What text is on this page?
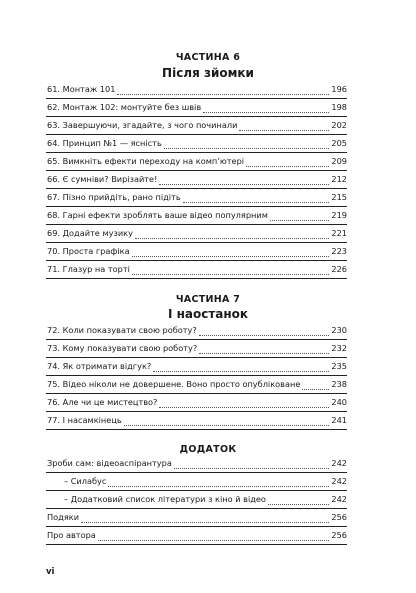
ЧАСТИНА 6
Після зйомки
61. Монтаж 101	196
62. Монтаж 102: монтуйте без швів	198
63. Завершуючи, згадайте, з чого починали	202
64. Принцип №1 — ясність	205
65. Вимкніть ефекти переходу на комп’ютері	209
66. Є сумніви? Вирізайте!	212
67. Пізно прийдіть, рано підіть	215
68. Гарні ефекти зроблять ваше відео популярним	219
69. Додайте музику	221
70. Проста графіка	223
71. Глазур на торті	226
ЧАСТИНА 7
І наостанок
72. Коли показувати свою роботу?	230
73. Кому показувати свою роботу?	232
74. Як отримати відгук?	235
75. Відео ніколи не довершене. Воно просто опубліковане	238
76. Але чи це мистецтво?	240
77. І насамкінець	241
ДОДАТОК
Зроби сам: відеоаспірантура	242
– Силабус	242
– Додатковий список літератури з кіно й відео	242
Подяки	256
Про автора	256
vi
